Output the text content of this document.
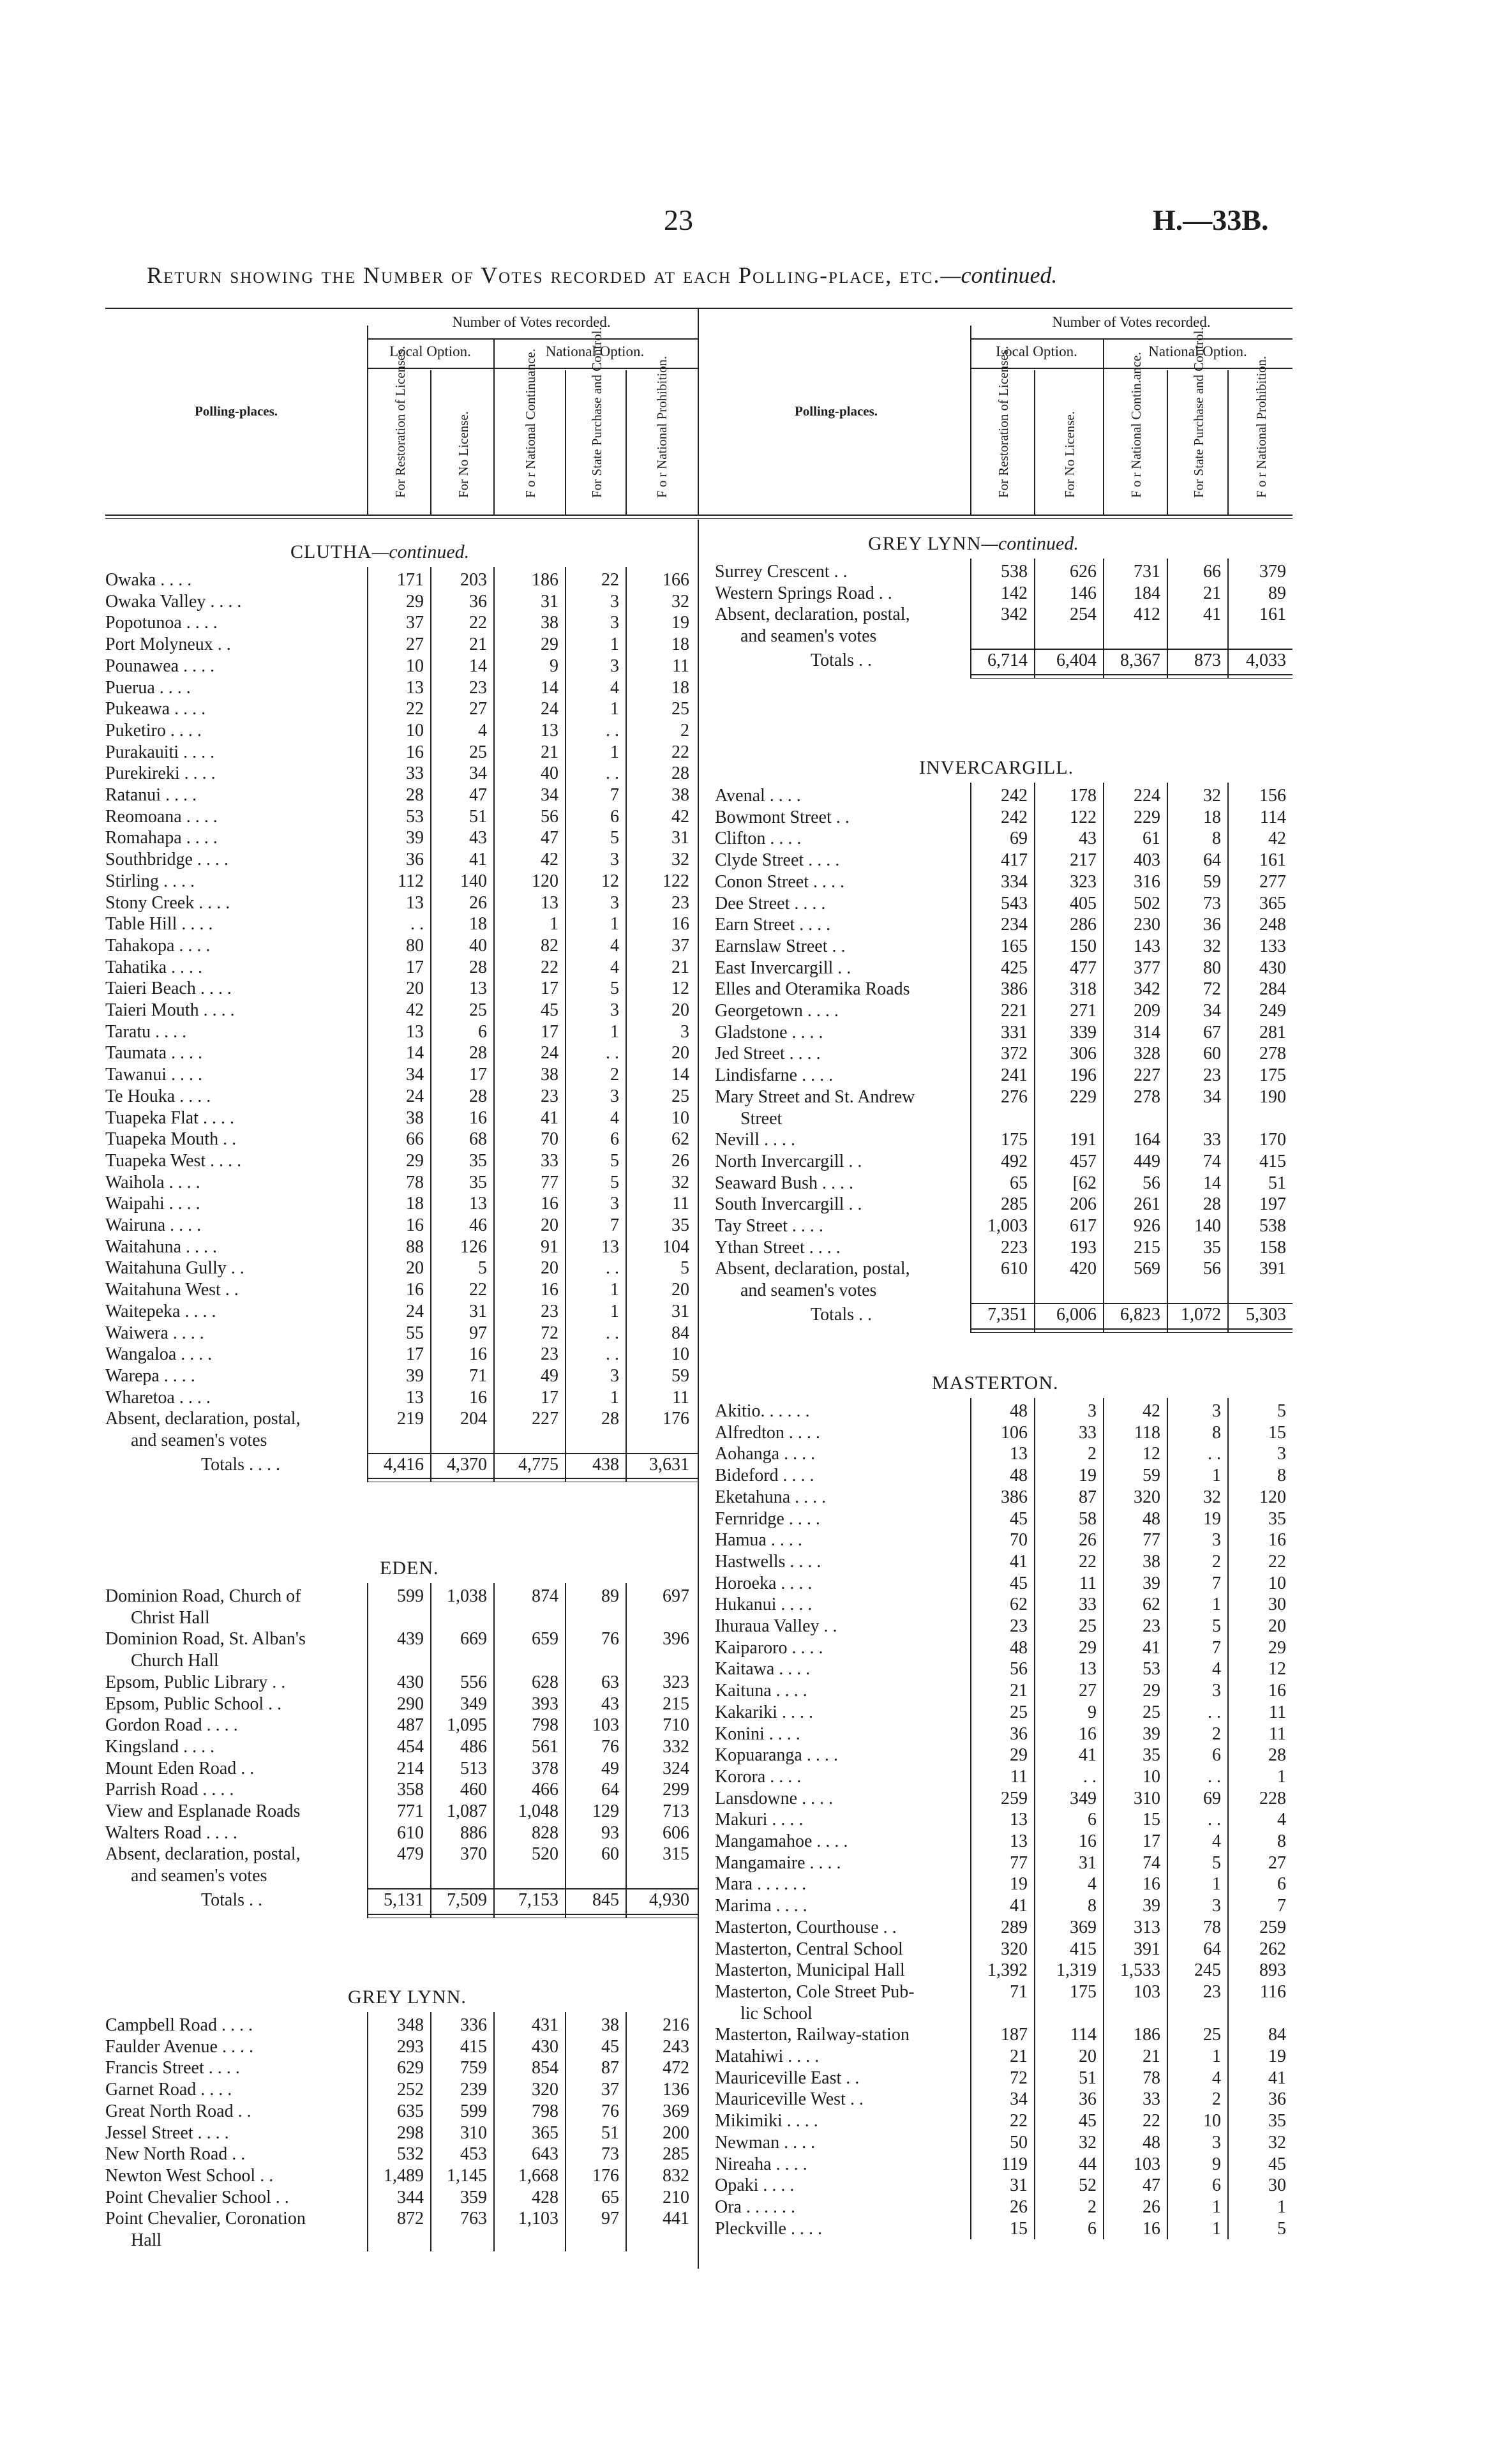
23	H.—33B.
Return showing the Number of Votes recorded at each Polling-place, etc.—continued.
Polling-places.
Number of Votes recorded.
Local Option.	National Option.
For Restoration of Licenses.	For No License.	F o r National Continuance.	For State Purchase and Control.	F o r National Prohibition.	Polling-places.
Number of Votes recorded.
Local Option.	National Option.
For Restoration of Licenses.	For No License.	F o r National Contin.ance.	For State Purchase and Control.	F o r National Prohibition.
CLUTHA—continued.
Owaka . . . .	171	203	186	22	166
Owaka Valley . . . .	29	36	31	3	32
Popotunoa . . . .	37	22	38	3	19
Port Molyneux . .	27	21	29	1	18
Pounawea . . . .	10	14	9	3	11
Puerua . . . .	13	23	14	4	18
Pukeawa . . . .	22	27	24	1	25
Puketiro . . . .	10	4	13	. .	2
Purakauiti . . . .	16	25	21	1	22
Purekireki . . . .	33	34	40	. .	28
Ratanui . . . .	28	47	34	7	38
Reomoana . . . .	53	51	56	6	42
Romahapa . . . .	39	43	47	5	31
Southbridge . . . .	36	41	42	3	32
Stirling . . . .	112	140	120	12	122
Stony Creek . . . .	13	26	13	3	23
Table Hill . . . .	. .	18	1	1	16
Tahakopa . . . .	80	40	82	4	37
Tahatika . . . .	17	28	22	4	21
Taieri Beach . . . .	20	13	17	5	12
Taieri Mouth . . . .	42	25	45	3	20
Taratu . . . .	13	6	17	1	3
Taumata . . . .	14	28	24	. .	20
Tawanui . . . .	34	17	38	2	14
Te Houka . . . .	24	28	23	3	25
Tuapeka Flat . . . .	38	16	41	4	10
Tuapeka Mouth . .	66	68	70	6	62
Tuapeka West . . . .	29	35	33	5	26
Waihola . . . .	78	35	77	5	32
Waipahi . . . .	18	13	16	3	11
Wairuna . . . .	16	46	20	7	35
Waitahuna . . . .	88	126	91	13	104
Waitahuna Gully . .	20	5	20	. .	5
Waitahuna West . .	16	22	16	1	20
Waitepeka . . . .	24	31	23	1	31
Waiwera . . . .	55	97	72	. .	84
Wangaloa . . . .	17	16	23	. .	10
Warepa . . . .	39	71	49	3	59
Wharetoa . . . .	13	16	17	1	11
Absent, declaration, postal,	219	204	227	28	176
and seamen's votes
Totals . . . .	4,416	4,370	4,775	438	3,631
EDEN.
Dominion Road, Church of	599	1,038	874	89	697
Christ Hall
Dominion Road, St. Alban's	439	669	659	76	396
Church Hall
Epsom, Public Library . .	430	556	628	63	323
Epsom, Public School . .	290	349	393	43	215
Gordon Road . . . .	487	1,095	798	103	710
Kingsland . . . .	454	486	561	76	332
Mount Eden Road . .	214	513	378	49	324
Parrish Road . . . .	358	460	466	64	299
View and Esplanade Roads	771	1,087	1,048	129	713
Walters Road . . . .	610	886	828	93	606
Absent, declaration, postal,	479	370	520	60	315
and seamen's votes
Totals . .	5,131	7,509	7,153	845	4,930
GREY LYNN.
Campbell Road . . . .	348	336	431	38	216
Faulder Avenue . . . .	293	415	430	45	243
Francis Street . . . .	629	759	854	87	472
Garnet Road . . . .	252	239	320	37	136
Great North Road . .	635	599	798	76	369
Jessel Street . . . .	298	310	365	51	200
New North Road . .	532	453	643	73	285
Newton West School . .	1,489	1,145	1,668	176	832
Point Chevalier School . .	344	359	428	65	210
Point Chevalier, Coronation	872	763	1,103	97	441
Hall
GREY LYNN—continued.
Surrey Crescent . .	538	626	731	66	379
Western Springs Road . .	142	146	184	21	89
Absent, declaration, postal,	342	254	412	41	161
and seamen's votes
Totals . .	6,714	6,404	8,367	873	4,033
INVERCARGILL.
Avenal . . . .	242	178	224	32	156
Bowmont Street . .	242	122	229	18	114
Clifton . . . .	69	43	61	8	42
Clyde Street . . . .	417	217	403	64	161
Conon Street . . . .	334	323	316	59	277
Dee Street . . . .	543	405	502	73	365
Earn Street . . . .	234	286	230	36	248
Earnslaw Street . .	165	150	143	32	133
East Invercargill . .	425	477	377	80	430
Elles and Oteramika Roads	386	318	342	72	284
Georgetown . . . .	221	271	209	34	249
Gladstone . . . .	331	339	314	67	281
Jed Street . . . .	372	306	328	60	278
Lindisfarne . . . .	241	196	227	23	175
Mary Street and St. Andrew	276	229	278	34	190
Street
Nevill . . . .	175	191	164	33	170
North Invercargill . .	492	457	449	74	415
Seaward Bush . . . .	65	[62	56	14	51
South Invercargill . .	285	206	261	28	197
Tay Street . . . .	1,003	617	926	140	538
Ythan Street . . . .	223	193	215	35	158
Absent, declaration, postal,	610	420	569	56	391
and seamen's votes
Totals . .	7,351	6,006	6,823	1,072	5,303
MASTERTON.
Akitio. . . . . .	48	3	42	3	5
Alfredton . . . .	106	33	118	8	15
Aohanga . . . .	13	2	12	. .	3
Bideford . . . .	48	19	59	1	8
Eketahuna . . . .	386	87	320	32	120
Fernridge . . . .	45	58	48	19	35
Hamua . . . .	70	26	77	3	16
Hastwells . . . .	41	22	38	2	22
Horoeka . . . .	45	11	39	7	10
Hukanui . . . .	62	33	62	1	30
Ihuraua Valley . .	23	25	23	5	20
Kaiparoro . . . .	48	29	41	7	29
Kaitawa . . . .	56	13	53	4	12
Kaituna . . . .	21	27	29	3	16
Kakariki . . . .	25	9	25	. .	11
Konini . . . .	36	16	39	2	11
Kopuaranga . . . .	29	41	35	6	28
Korora . . . .	11	. .	10	. .	1
Lansdowne . . . .	259	349	310	69	228
Makuri . . . .	13	6	15	. .	4
Mangamahoe . . . .	13	16	17	4	8
Mangamaire . . . .	77	31	74	5	27
Mara . . . . . .	19	4	16	1	6
Marima . . . .	41	8	39	3	7
Masterton, Courthouse . .	289	369	313	78	259
Masterton, Central School	320	415	391	64	262
Masterton, Municipal Hall	1,392	1,319	1,533	245	893
Masterton, Cole Street Pub-	71	175	103	23	116
lic School
Masterton, Railway-station	187	114	186	25	84
Matahiwi . . . .	21	20	21	1	19
Mauriceville East . .	72	51	78	4	41
Mauriceville West . .	34	36	33	2	36
Mikimiki . . . .	22	45	22	10	35
Newman . . . .	50	32	48	3	32
Nireaha . . . .	119	44	103	9	45
Opaki . . . .	31	52	47	6	30
Ora . . . . . .	26	2	26	1	1
Pleckville . . . .	15	6	16	1	5
